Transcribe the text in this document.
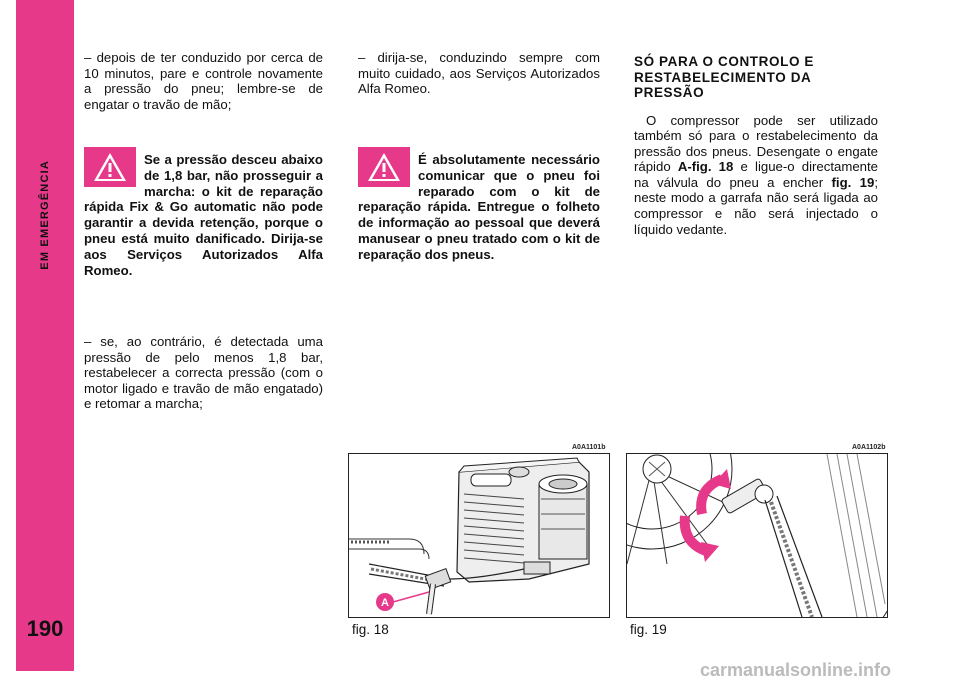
EM EMERGÊNCIA
190

– depois de ter conduzido por cerca de 10 minutos, pare e controle novamente a pressão do pneu; lembre-se de engatar o travão de mão;

Se a pressão desceu abaixo de 1,8 bar, não prosseguir a marcha: o kit de reparação rápida Fix & Go automatic não pode garantir a devida retenção, porque o pneu está muito danificado. Dirija-se aos Serviços Autorizados Alfa Romeo.

– se, ao contrário, é detectada uma pressão de pelo menos 1,8 bar, restabelecer a correcta pressão (com o motor ligado e travão de mão engatado) e retomar a marcha;

– dirija-se, conduzindo sempre com muito cuidado, aos Serviços Autorizados Alfa Romeo.

É absolutamente necessário comunicar que o pneu foi reparado com o kit de reparação rápida. Entregue o folheto de informação ao pessoal que deverá manusear o pneu tratado com o kit de reparação dos pneus.

SÓ PARA O CONTROLO E RESTABELECIMENTO DA PRESSÃO

O compressor pode ser utilizado também só para o restabelecimento da pressão dos pneus. Desengate o engate rápido A-fig. 18 e ligue-o directamente na válvula do pneu a encher fig. 19; neste modo a garrafa não será ligada ao compressor e não será injectado o líquido vedante.

A0A1101b
A
fig. 18
A0A1102b
fig. 19
carmanualsonline.info
